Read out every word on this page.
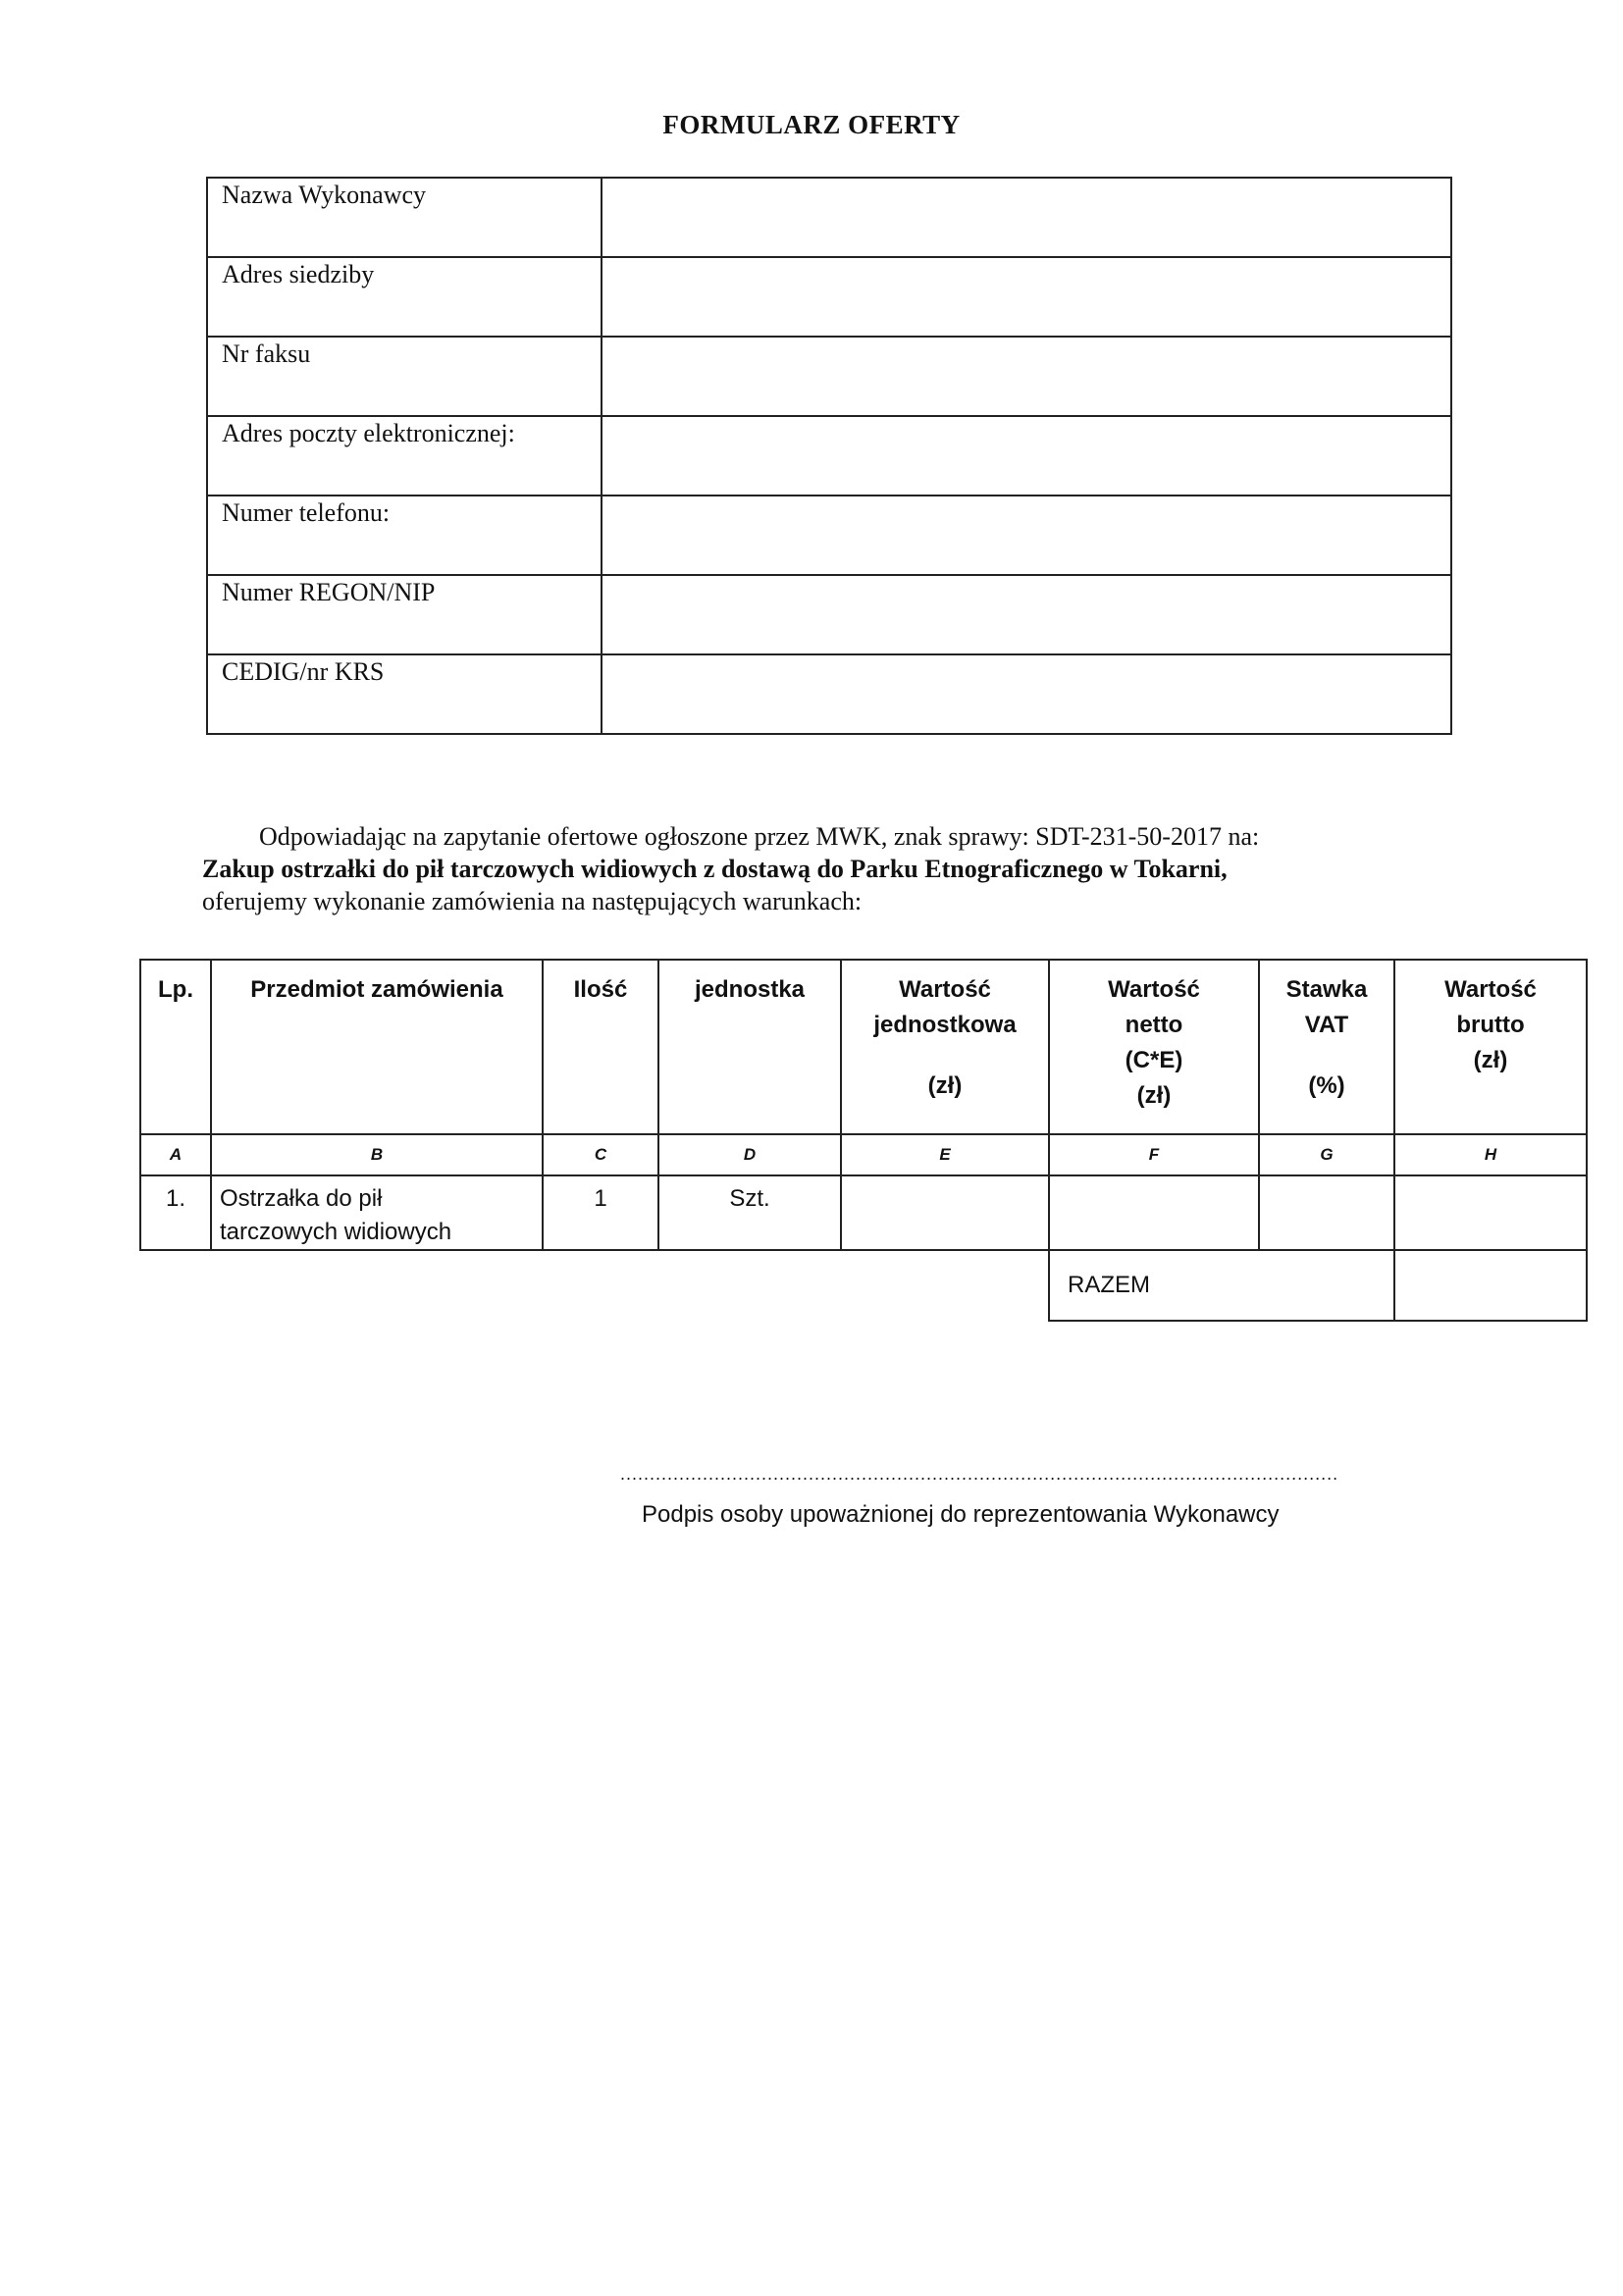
FORMULARZ OFERTY
Nazwa Wykonawcy	
Adres siedziby	
Nr faksu	
Adres poczty elektronicznej:	
Numer telefonu:	
Numer REGON/NIP	
CEDIG/nr KRS	
Odpowiadając na zapytanie ofertowe ogłoszone przez MWK, znak sprawy: SDT-231-50-2017 na:
Zakup ostrzałki do pił tarczowych widiowych z dostawą do Parku Etnograficznego w Tokarni,
oferujemy wykonanie zamówienia na następujących warunkach:
Lp.	Przedmiot zamówienia	Ilość	jednostka	Wartość
jednostkowa

(zł)	Wartość
netto
(C*E)
(zł)	Stawka
VAT

(%)	Wartość
brutto
(zł)
A	B	C	D	E	F	G	H
1.	Ostrzałka do pił
tarczowych widiowych	1	Szt.				
					RAZEM		
..........................................................................................................................
Podpis osoby upoważnionej do reprezentowania Wykonawcy
